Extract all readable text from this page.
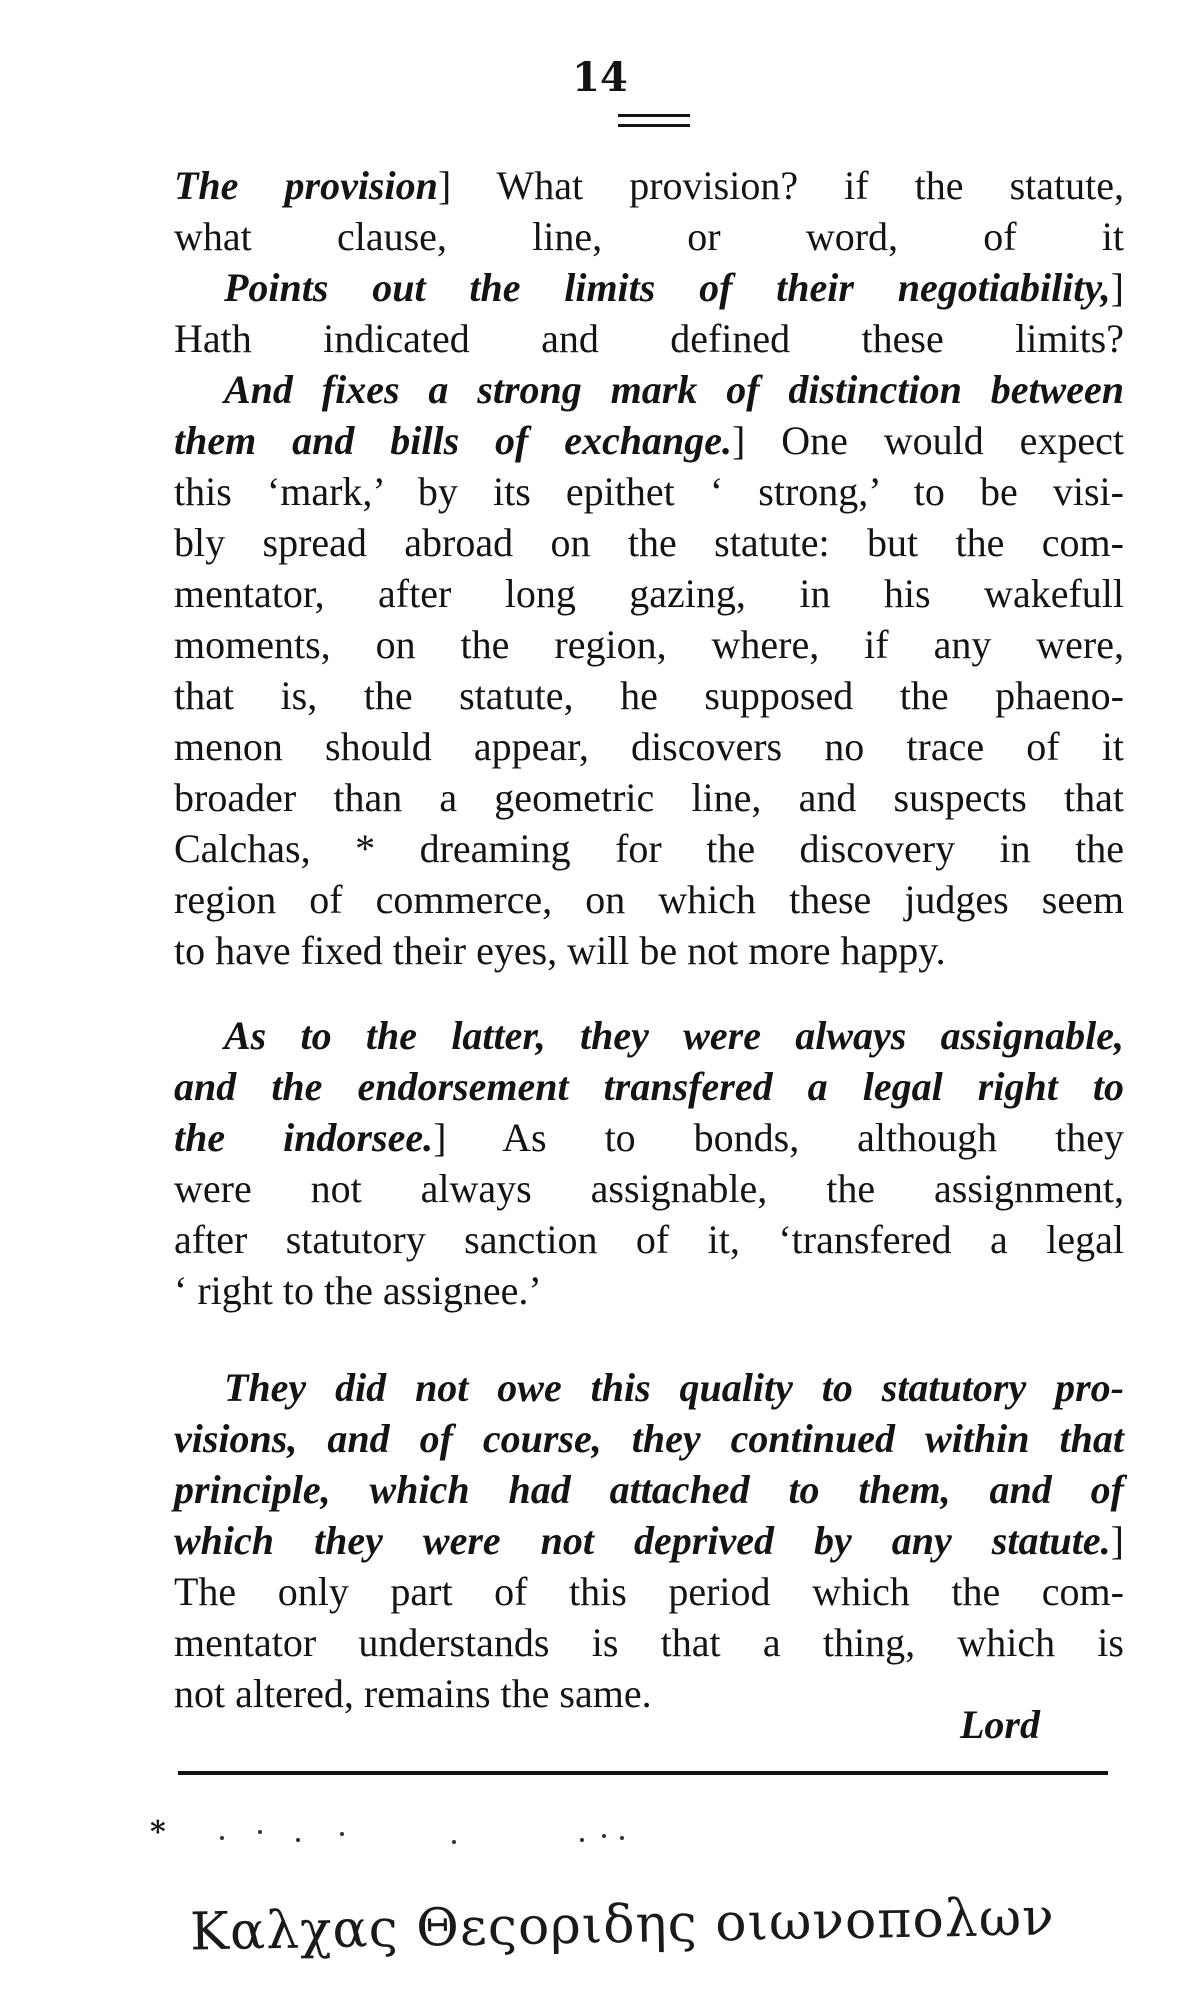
14
The provision] What provision? if the statute,
what clause, line, or word, of it
Points out the limits of their negotiability,]
Hath indicated and defined these limits?
And fixes a strong mark of distinction between
them and bills of exchange.] One would expect
this ‘mark,’ by its epithet ‘ strong,’ to be visi-
bly spread abroad on the statute: but the com-
mentator, after long gazing, in his wakefull
moments, on the region, where, if any were,
that is, the statute, he supposed the phaeno-
menon should appear, discovers no trace of it
broader than a geometric line, and suspects that
Calchas, * dreaming for the discovery in the
region of commerce, on which these judges seem
to have fixed their eyes, will be not more happy.
As to the latter, they were always assignable,
and the endorsement transfered a legal right to
the indorsee.] As to bonds, although they
were not always assignable, the assignment,
after statutory sanction of it, ‘transfered a legal
‘ right to the assignee.’
They did not owe this quality to statutory pro-
visions, and of course, they continued within that
principle, which had attached to them, and of
which they were not deprived by any statute.]
The only part of this period which the com-
mentator understands is that a thing, which is
not altered, remains the same.
Lord
*
Καλχας Θεςοριδης οιωνοπολων
